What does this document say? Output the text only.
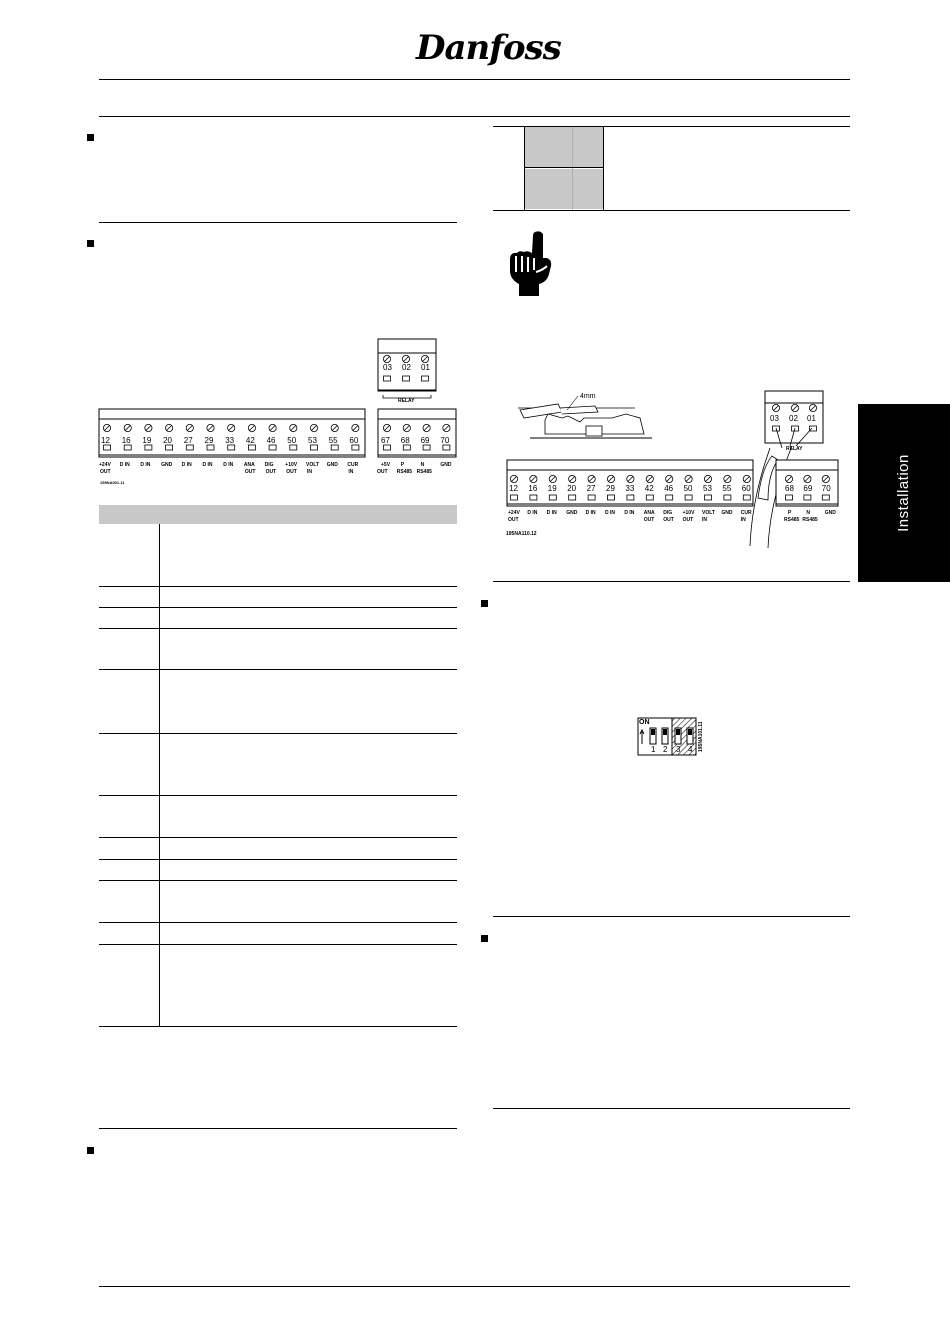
Danfoss
Installation
03 02 01
RELAY
12
+24V
OUT
16
D IN
19
D IN
20
GND
27
D IN
29
D IN
33
D IN
42
ANA
OUT
46
DIG
OUT
50
+10V
OUT
53
VOLT
IN
55
GND
60
CUR
IN
67
+5V
OUT
68
P
RS485
69
N
RS485
70
GND
195NA001.11

4mm
03 02 01
RELAY
12
+24V
OUT
16
D IN
19
D IN
20
GND
27
D IN
29
D IN
33
D IN
42
ANA
OUT
46
DIG
OUT
50
+10V
OUT
53
VOLT
IN
55
GND
60
CUR
IN
68
P
RS485
69
N
RS485
70
GND
195NA110.12
ON
1 2 3 4 195NA101.11
